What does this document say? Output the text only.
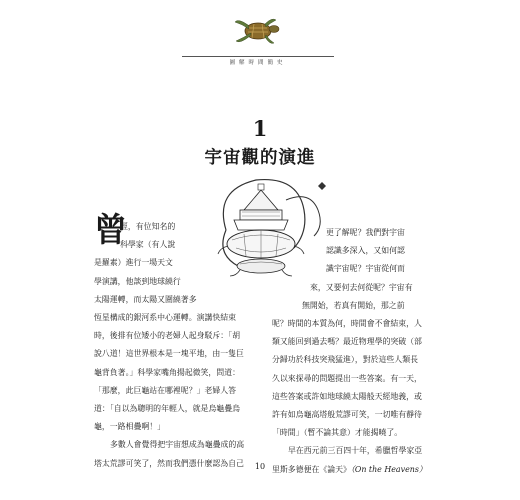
圖解時間簡史
1
宇宙觀的演進
曾
經，有位知名的
科學家（有人說
是羅素）進行一場天文
學演講，他談到地球繞行
太陽運轉，而太陽又圍繞著多
恆星構成的銀河系中心運轉。演講快結束
時，後排有位矮小的老婦人起身駁斥：「胡
說八道！這世界根本是一塊平地，由一隻巨
龜背負著。」科學家嘴角揚起微笑，問道：
「那麼，此巨龜站在哪裡呢？」老婦人答
道：「自以為聰明的年輕人，就是烏龜疊烏
龜，一路相疊啊！」
多數人會覺得把宇宙想成為龜疊成的高
塔太荒謬可笑了，然而我們憑什麼認為自己
更了解呢？我們對宇宙
認識多深入，又如何認
識宇宙呢？宇宙從何而
來，又要何去何從呢？宇宙有
無開始，若真有開始，那之前
呢？時間的本質為何，時間會不會結束，人
類又能回到過去嗎？最近物理學的突破（部
分歸功於科技突飛猛進），對於這些人類長
久以來探尋的問題提出一些答案。有一天，
這些答案或許如地球繞太陽般天經地義，或
許有如烏龜高塔般荒謬可笑，一切唯有靜待
「時間」（暫不論其意）才能揭曉了。
早在西元前三百四十年，希臘哲學家亞
里斯多德便在《論天》（On the Heavens）
10
